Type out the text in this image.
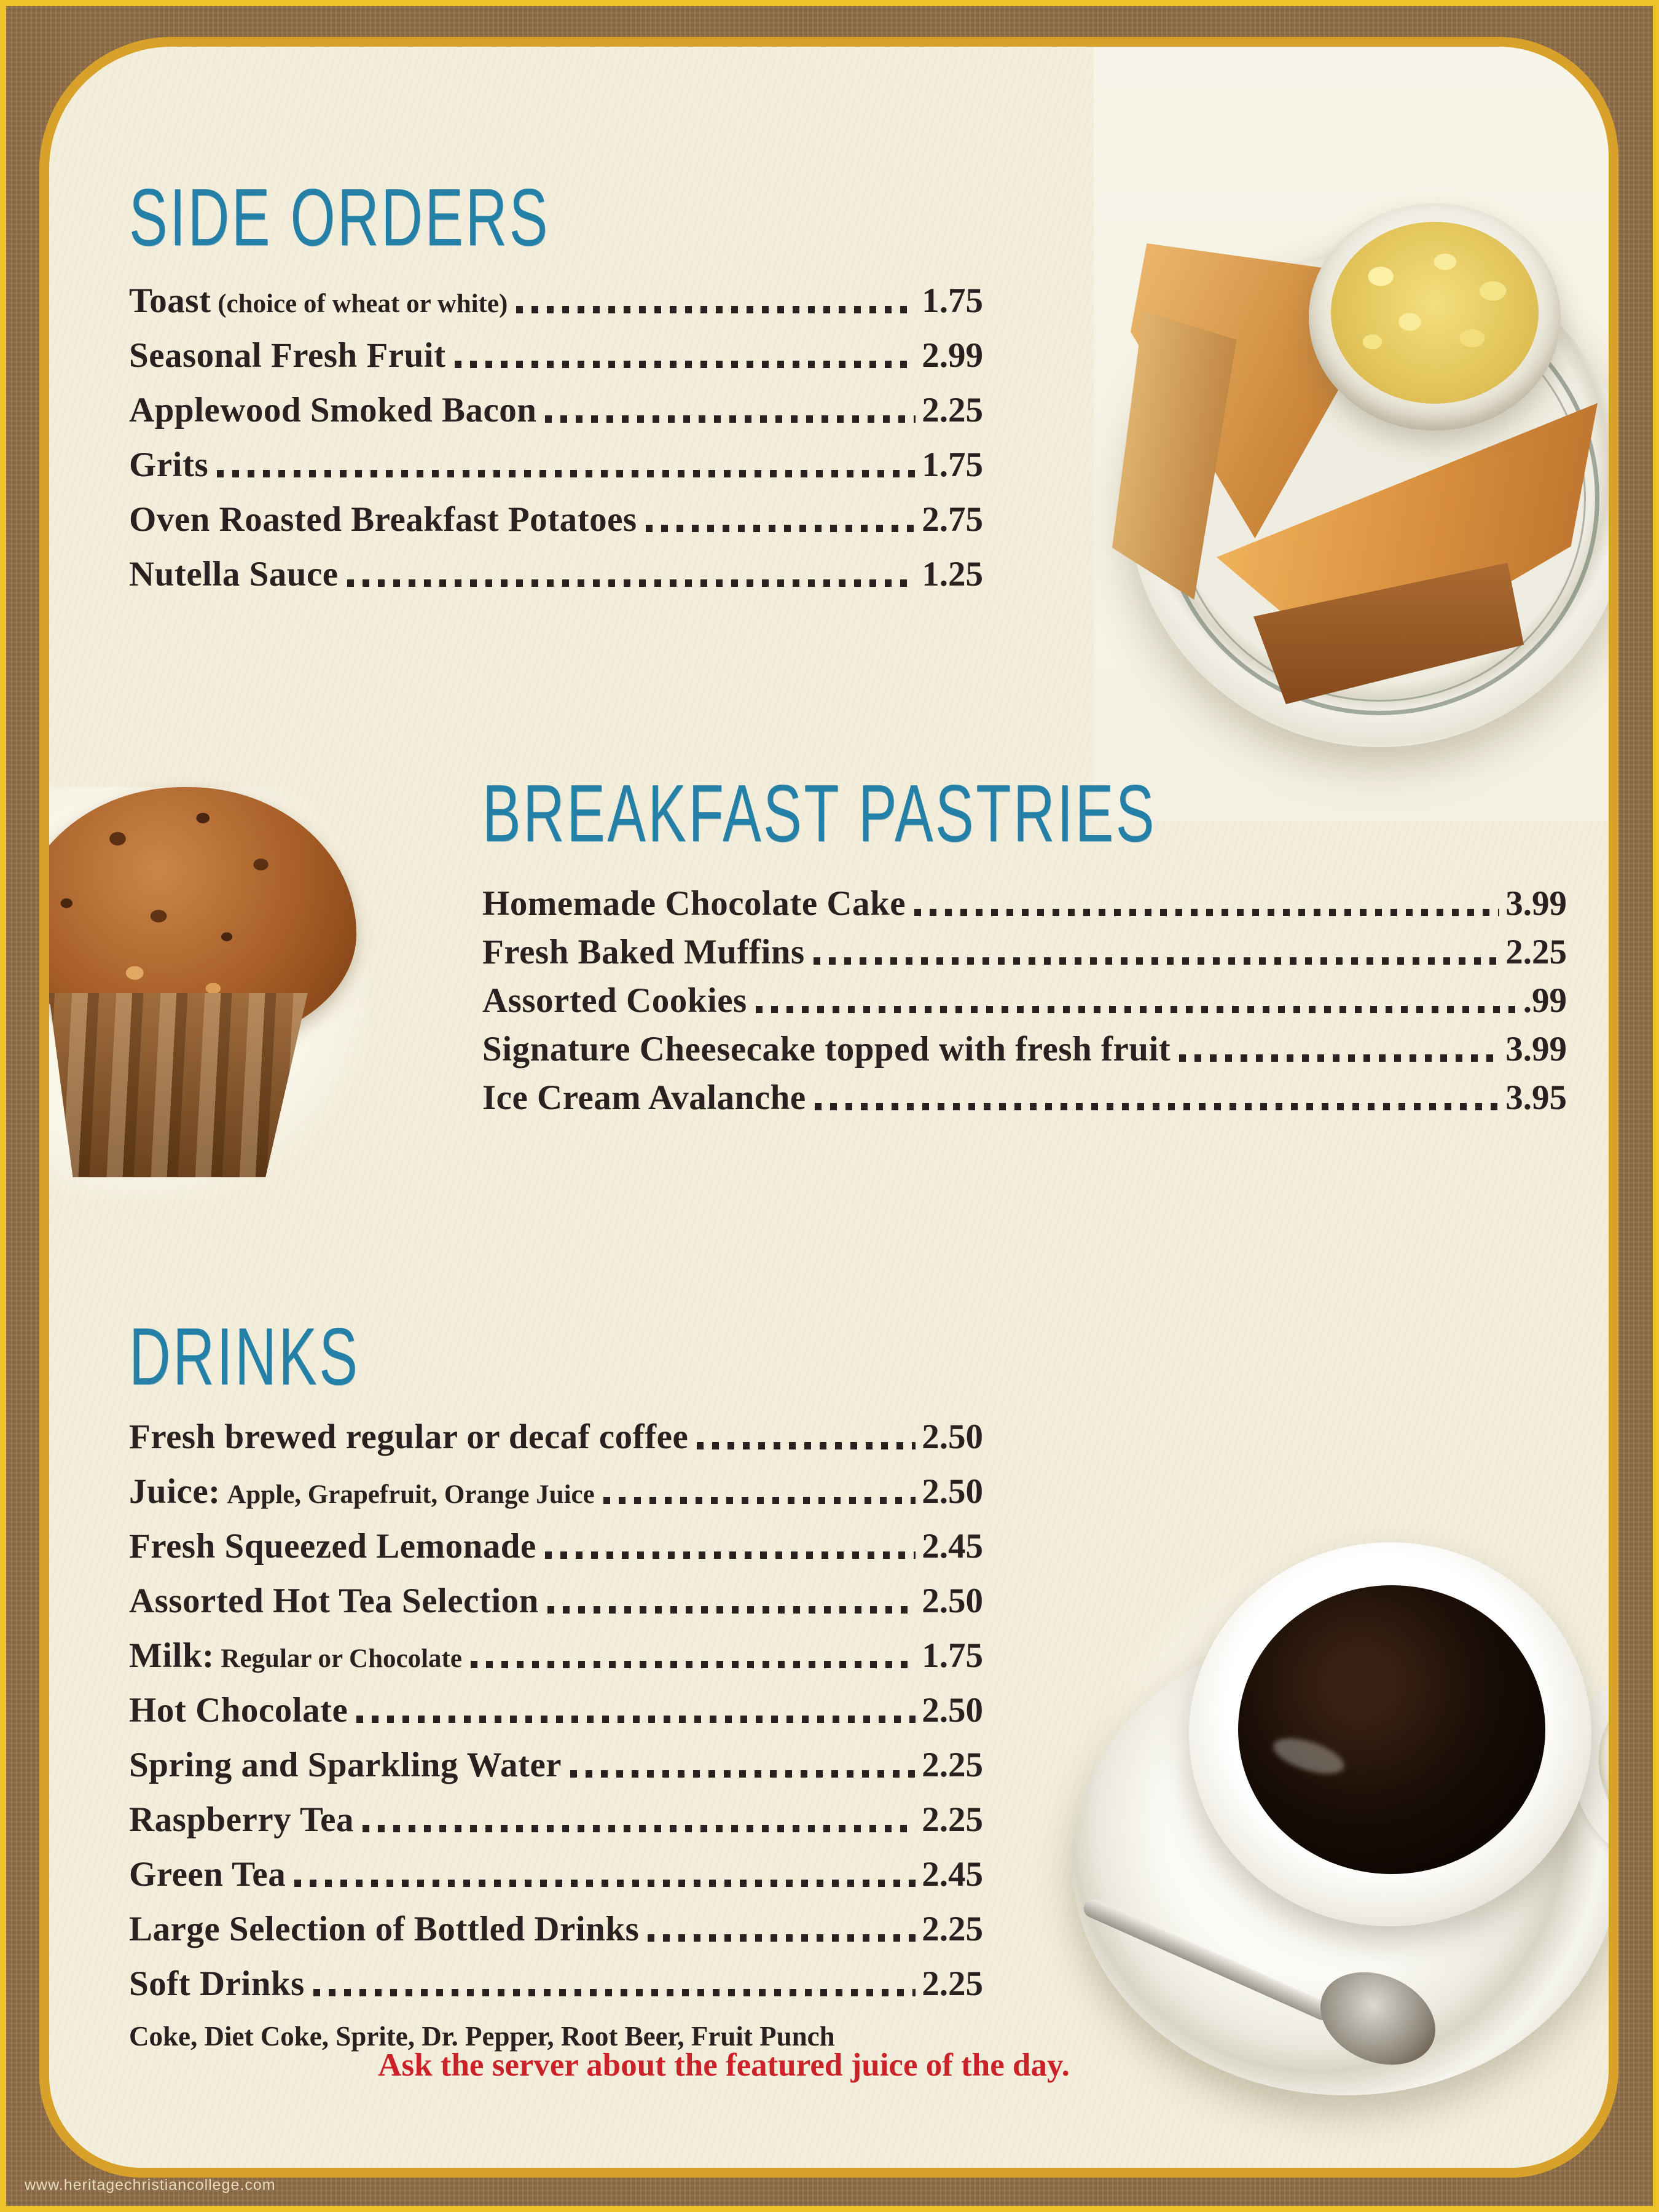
SIDE ORDERS
Toast (choice of wheat or white)	1.75
Seasonal Fresh Fruit	2.99
Applewood Smoked Bacon	2.25
Grits	1.75
Oven Roasted Breakfast Potatoes	2.75
Nutella Sauce	1.25
BREAKFAST PASTRIES
Homemade Chocolate Cake	3.99
Fresh Baked Muffins	2.25
Assorted Cookies	.99
Signature Cheesecake topped with fresh fruit	3.99
Ice Cream Avalanche	3.95
DRINKS
Fresh brewed regular or decaf coffee	2.50
Juice: Apple, Grapefruit, Orange Juice	2.50
Fresh Squeezed Lemonade	2.45
Assorted Hot Tea Selection	2.50
Milk: Regular or Chocolate	1.75
Hot Chocolate	2.50
Spring and Sparkling Water	2.25
Raspberry Tea	2.25
Green Tea	2.45
Large Selection of Bottled Drinks	2.25
Soft Drinks	2.25
Coke, Diet Coke, Sprite, Dr. Pepper, Root Beer, Fruit Punch
Ask the server about the featured juice of the day.
www.heritagechristiancollege.com
